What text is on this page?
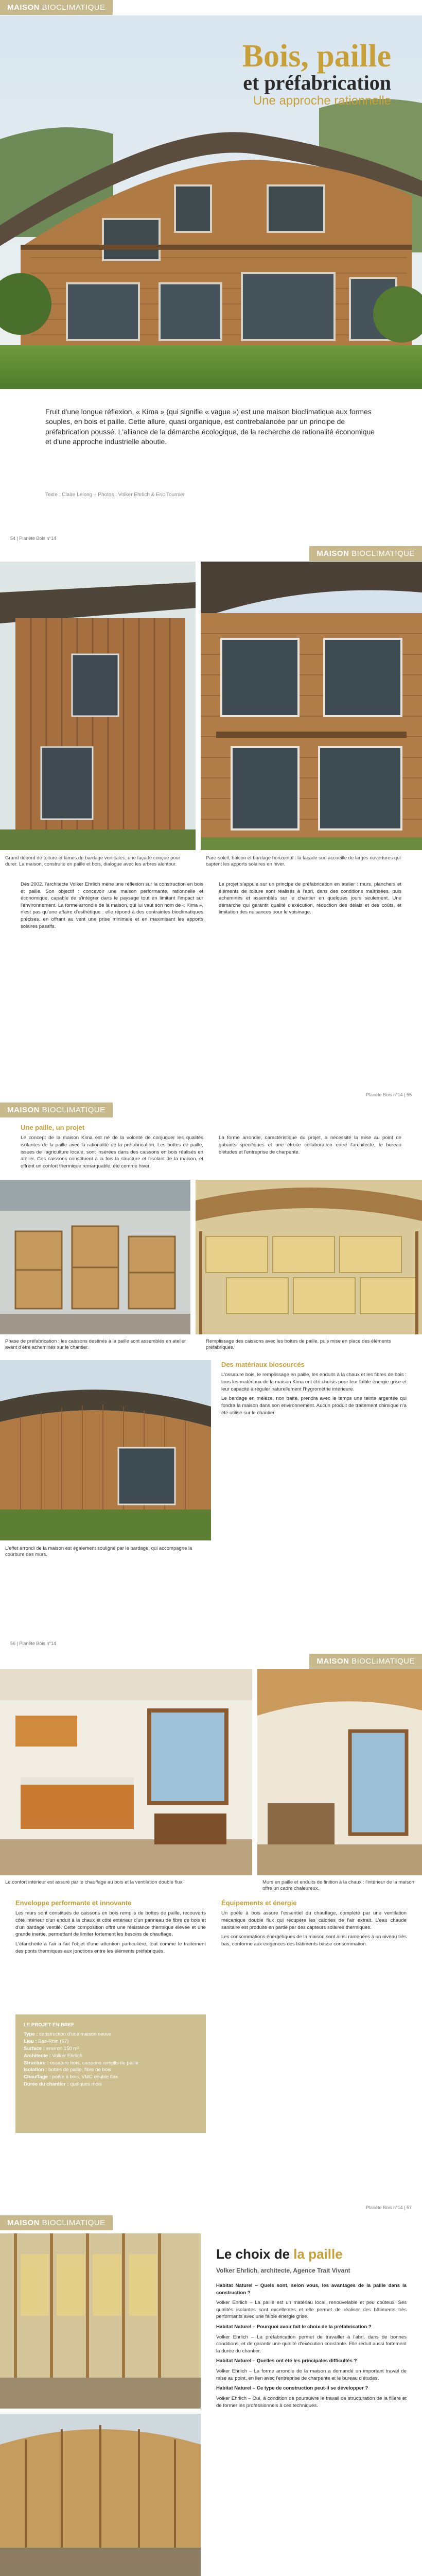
MAISON BIOCLIMATIQUE
Bois, paille
et préfabrication
Une approche rationnelle
Fruit d'une longue réflexion, « Kima » (qui signifie « vague ») est une maison bioclimatique aux formes souples, en bois et paille. Cette allure, quasi organique, est contrebalancée par un principe de préfabrication poussé. L'alliance de la démarche écologique, de la recherche de rationalité économique et d'une approche industrielle aboutie.
Texte : Claire Lelong – Photos : Volker Ehrlich & Eric Tournier
54 | Planète Bois n°14
MAISON BIOCLIMATIQUE
Grand débord de toiture et lames de bardage verticales, une façade conçue pour durer. La maison, construite en paille et bois, dialogue avec les arbres alentour.
Pare-soleil, balcon et bardage horizontal : la façade sud accueille de larges ouvertures qui captent les apports solaires en hiver.

Dès 2002, l'architecte Volker Ehrlich mène une réflexion sur la construction en bois et paille. Son objectif : concevoir une maison performante, rationnelle et économique, capable de s'intégrer dans le paysage tout en limitant l'impact sur l'environnement. La forme arrondie de la maison, qui lui vaut son nom de « Kima », n'est pas qu'une affaire d'esthétique : elle répond à des contraintes bioclimatiques précises, en offrant au vent une prise minimale et en maximisant les apports solaires passifs.

Le projet s'appuie sur un principe de préfabrication en atelier : murs, planchers et éléments de toiture sont réalisés à l'abri, dans des conditions maîtrisées, puis acheminés et assemblés sur le chantier en quelques jours seulement. Une démarche qui garantit qualité d'exécution, réduction des délais et des coûts, et limitation des nuisances pour le voisinage.

Planète Bois n°14 | 55
MAISON BIOCLIMATIQUE
Une paille, un projet

Le concept de la maison Kima est né de la volonté de conjuguer les qualités isolantes de la paille avec la rationalité de la préfabrication. Les bottes de paille, issues de l'agriculture locale, sont insérées dans des caissons en bois réalisés en atelier. Ces caissons constituent à la fois la structure et l'isolant de la maison, et offrent un confort thermique remarquable, été comme hiver.

La forme arrondie, caractéristique du projet, a nécessité la mise au point de gabarits spécifiques et une étroite collaboration entre l'architecte, le bureau d'études et l'entreprise de charpente.

Phase de préfabrication : les caissons destinés à la paille sont assemblés en atelier avant d'être acheminés sur le chantier.
Remplissage des caissons avec les bottes de paille, puis mise en place des éléments préfabriqués.
L'effet arrondi de la maison est également souligné par le bardage, qui accompagne la courbure des murs.
Des matériaux biosourcés

L'ossature bois, le remplissage en paille, les enduits à la chaux et les fibres de bois : tous les matériaux de la maison Kima ont été choisis pour leur faible énergie grise et leur capacité à réguler naturellement l'hygrométrie intérieure.

Le bardage en mélèze, non traité, prendra avec le temps une teinte argentée qui fondra la maison dans son environnement. Aucun produit de traitement chimique n'a été utilisé sur le chantier.

56 | Planète Bois n°14
MAISON BIOCLIMATIQUE
Le confort intérieur est assuré par le chauffage au bois et la ventilation double flux.
Enveloppe performante et innovante

Les murs sont constitués de caissons en bois remplis de bottes de paille, recouverts côté intérieur d'un enduit à la chaux et côté extérieur d'un panneau de fibre de bois et d'un bardage ventilé. Cette composition offre une résistance thermique élevée et une grande inertie, permettant de limiter fortement les besoins de chauffage.

L'étanchéité à l'air a fait l'objet d'une attention particulière, tout comme le traitement des ponts thermiques aux jonctions entre les éléments préfabriqués.

LE PROJET EN BREF
Type : construction d'une maison neuve
Lieu : Bas-Rhin (67)
Surface : environ 150 m²
Architecte : Volker Ehrlich
Structure : ossature bois, caissons remplis de paille
Isolation : bottes de paille, fibre de bois
Chauffage : poêle à bois, VMC double flux
Durée du chantier : quelques mois
Murs en paille et enduits de finition à la chaux : l'intérieur de la maison offre un cadre chaleureux.
Équipements et énergie

Un poêle à bois assure l'essentiel du chauffage, complété par une ventilation mécanique double flux qui récupère les calories de l'air extrait. L'eau chaude sanitaire est produite en partie par des capteurs solaires thermiques.

Les consommations énergétiques de la maison sont ainsi ramenées à un niveau très bas, conforme aux exigences des bâtiments basse consommation.

Planète Bois n°14 | 57
MAISON BIOCLIMATIQUE
Le choix de la paille
Volker Ehrlich, architecte, Agence Trait Vivant

Habitat Naturel – Quels sont, selon vous, les avantages de la paille dans la construction ?

Volker Ehrlich – La paille est un matériau local, renouvelable et peu coûteux. Ses qualités isolantes sont excellentes et elle permet de réaliser des bâtiments très performants avec une faible énergie grise.

Habitat Naturel – Pourquoi avoir fait le choix de la préfabrication ?

Volker Ehrlich – La préfabrication permet de travailler à l'abri, dans de bonnes conditions, et de garantir une qualité d'exécution constante. Elle réduit aussi fortement la durée du chantier.

Habitat Naturel – Quelles ont été les principales difficultés ?

Volker Ehrlich – La forme arrondie de la maison a demandé un important travail de mise au point, en lien avec l'entreprise de charpente et le bureau d'études.

Habitat Naturel – Ce type de construction peut-il se développer ?

Volker Ehrlich – Oui, à condition de poursuivre le travail de structuration de la filière et de former les professionnels à ces techniques.
